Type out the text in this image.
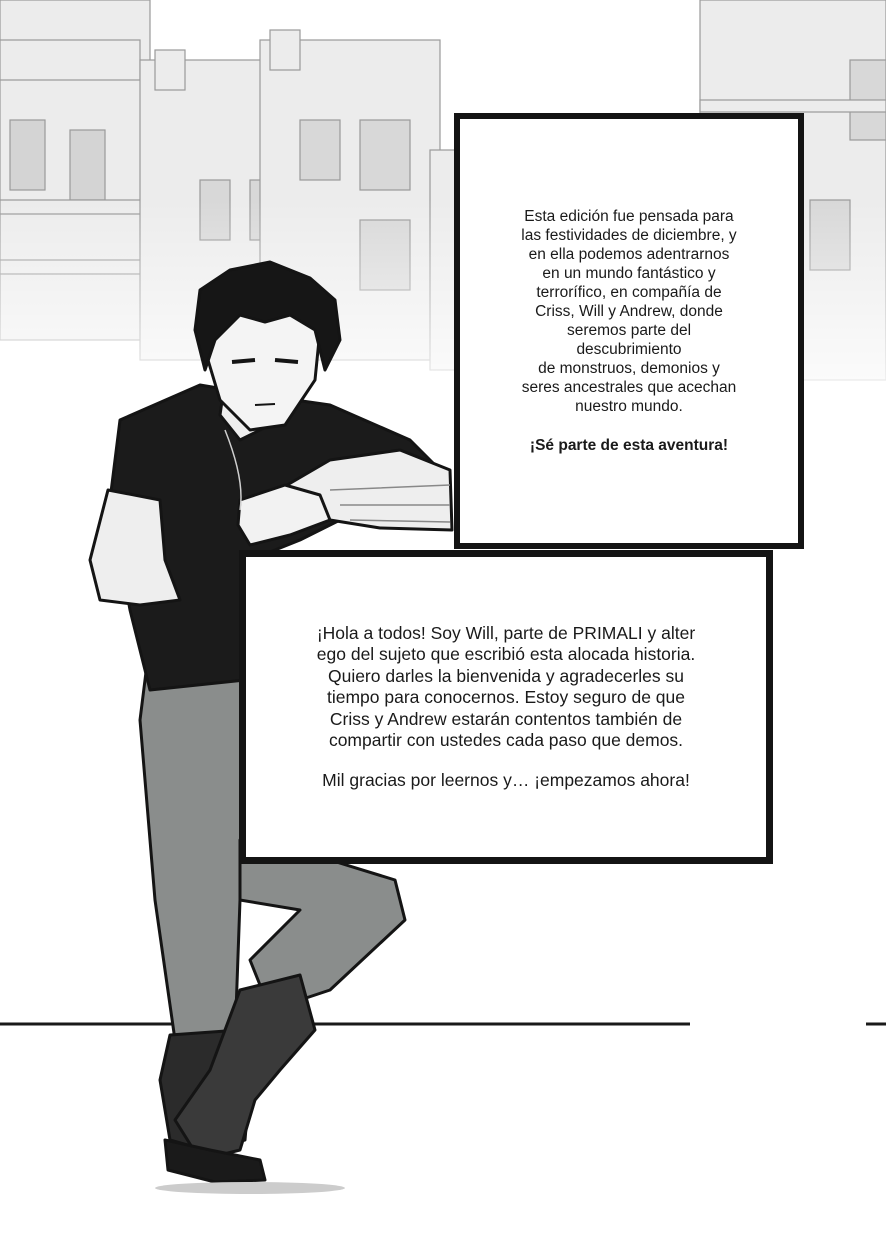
Esta edición fue pensada para
las festividades de diciembre, y
en ella podemos adentrarnos
en un mundo fantástico y
terrorífico, en compañía de
Criss, Will y Andrew, donde
seremos parte del
descubrimiento
de monstruos, demonios y
seres ancestrales que acechan
nuestro mundo.

¡Sé parte de esta aventura!

¡Hola a todos! Soy Will, parte de PRIMALI y alter
ego del sujeto que escribió esta alocada historia.
Quiero darles la bienvenida y agradecerles su
tiempo para conocernos. Estoy seguro de que
Criss y Andrew estarán contentos también de
compartir con ustedes cada paso que demos.

Mil gracias por leernos y… ¡empezamos ahora!
